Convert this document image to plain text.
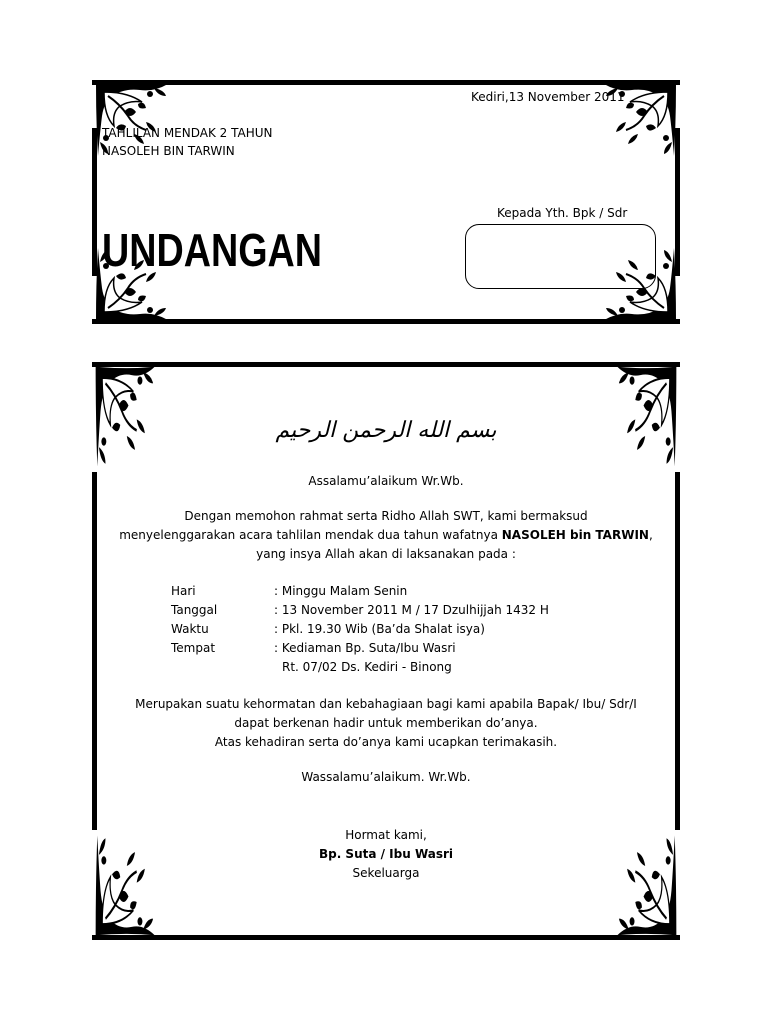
Kediri,13 November 2011
TAHLILAN MENDAK 2 TAHUN
NASOLEH BIN TARWIN
Kepada Yth. Bpk / Sdr
UNDANGAN
بسم الله الرحمن الرحيم
Assalamu’alaikum Wr.Wb.
Dengan memohon rahmat serta Ridho Allah SWT, kami bermaksud
menyelenggarakan acara tahlilan mendak dua tahun wafatnya NASOLEH bin TARWIN,
yang insya Allah akan di laksanakan pada :
Hari	: Minggu Malam Senin
Tanggal	: 13 November 2011 M / 17 Dzulhijjah 1432 H
Waktu	: Pkl. 19.30 Wib (Ba’da Shalat isya)
Tempat	: Kediaman Bp. Suta/Ibu Wasri
Rt. 07/02 Ds. Kediri - Binong
Merupakan suatu kehormatan dan kebahagiaan bagi kami apabila Bapak/ Ibu/ Sdr/I
dapat berkenan hadir untuk memberikan do’anya.
Atas kehadiran serta do’anya kami ucapkan terimakasih.
Wassalamu’alaikum. Wr.Wb.
Hormat kami,
Bp. Suta / Ibu Wasri
Sekeluarga
